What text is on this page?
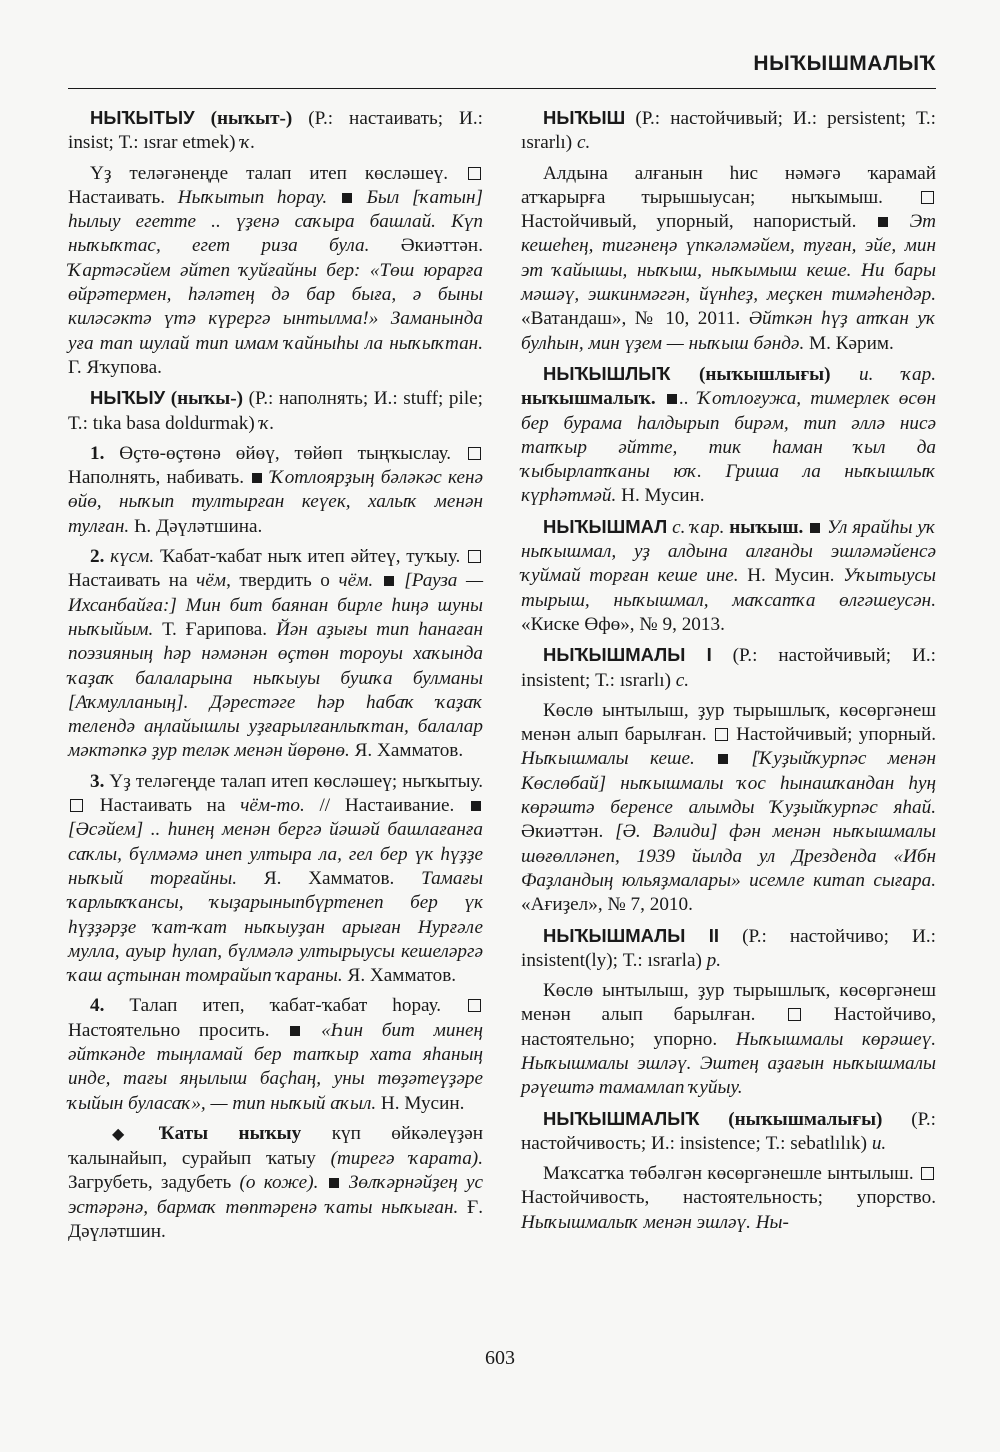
НЫҠЫШМАЛЫҠ

НЫҠЫТЫУ (ныҡыт-) (Р.: настаивать; И.: insist; Т.: ısrar etmek) ҡ.

Үҙ теләгәнеңде талап итеп көсләшеү.  Настаивать. Ныҡытып һорау. Был [ҡатын] һылыу егетте .. үҙенә саҡыра башлай. Күп ныҡыҡтас, егет риза була. Әкиәттән. Ҡартәсәйем әйтеп ҡуйғайны бер: «Төш юрарға өйрәтермен, һәләтең дә бар быға, ә быны киләсәктә үтә күрергә ынтылма!» Заманында уға тап шулай тип имам ҡайныһы ла ныҡыҡтан. Г. Яҡупова.

НЫҠЫУ (ныҡы-) (Р.: наполнять; И.: stuff; pile; Т.: tıka basa doldurmak) ҡ.

1. Өҫтө-өҫтөнә өйөү, төйөп тыңҡыслау.  Наполнять, набивать. Ҡотлоярҙың бәләкәс кенә өйө, ныҡып тултырған кеүек, халыҡ менән тулған. Һ. Дәүләтшина.

2. күсм. Ҡабат-ҡабат ныҡ итеп әйтеү, туҡыу.  Настаивать на чём, твердить о чём. [Рауза — Ихсанбайға:] Мин бит баянан бирле һиңә шуны ныҡыйым. Т. Ғарипова. Йән аҙығы тип һанаған поэзияның һәр нәмәнән өҫтөн тороуы хаҡында ҡаҙаҡ балаларына ныҡыуы бушҡа булманы [Аҡмулланың]. Дәрестәге һәр һабаҡ ҡаҙаҡ телендә аңлайышлы уҙғарылғанлыҡтан, балалар мәктәпкә ҙур теләк менән йөрөнө. Я. Хамматов.

3. Үҙ теләгеңде талап итеп көсләшеү; ныҡытыу.  Настаивать на чём-то. // Настаивание.  [Әсәйем] .. һинең менән бергә йәшәй башлағанға саҡлы, бүлмәмә инеп ултыра ла, гел бер үк һүҙҙе ныҡый торғайны. Я. Хамматов. Тамағы ҡарлыҡҡансы, ҡыҙарыныпбүртенеп бер үк һүҙҙәрҙе ҡат-ҡат ныҡыуҙан арыған Нурғәле мулла, ауыр һулап, бүлмәлә ултырыусы кешеләргә ҡаш аҫтынан томрайып ҡараны. Я. Хамматов.

4. Талап итеп, ҡабат-ҡабат һорау.  Настоятельно просить.	«Һин бит минең әйткәнде тыңламай бер тапҡыр хата яһаның инде, тағы яңылыш баҫһаң, уны төҙәтеүҙәре ҡыйын буласаҡ», — тип ныҡый аҡыл. Н. Мусин.

◆ Ҡаты ныҡыу күп өйкәлеүҙән ҡалынайып, сурайып ҡатыу (тирегә ҡарата). Загрубеть, задубеть (о коже). Зөлҡәрнәйҙең ус эстәрәнә, бармаҡ төптәренә ҡаты ныҡыған. Ғ. Дәүләтшин.

НЫҠЫШ (Р.: настойчивый; И.: persistent; Т.: ısrarlı) с.

Алдына алғанын һис нәмәгә ҡарамай атҡарырға тырышыусан; ныҡымыш.  Настойчивый, упорный, напористый.	Эт кешеһең, тигәнеңә үпкәләмәйем, туған, эйе, мин эт ҡайышы, ныҡыш, ныҡымыш кеше. Ни бары мәшәү, эшкинмәгән, йүнһеҙ, меҫкен тимәһендәр. «Ватандаш», № 10, 2011. Әйткән һүҙ атҡан уҡ булһын, мин үҙем — ныҡыш бәндә. М. Кәрим.

НЫҠЫШЛЫҠ (ныҡышлығы) и. ҡар. ныҡышмалыҡ. .. Ҡотлоғужа, тимерлек өсөн бер бурама һалдырып бирәм, тип әллә нисә тапҡыр әйтте, тик һаман ҡыл да ҡыбырлатҡаны юҡ. Гриша ла ныҡышлыҡ күрһәтмәй. Н. Мусин.

НЫҠЫШМАЛ с. ҡар. ныҡыш. Ул ярайһы уҡ ныҡышмал, уҙ алдына алғанды эшләмәйенсә ҡуймай торған кеше ине. Н. Мусин. Уҡытыусы тырыш, ныҡышмал, маҡсатҡа өлгәшеусән. «Киске Өфө», № 9, 2013.

НЫҠЫШМАЛЫ I (Р.: настойчивый; И.: insistent; Т.: ısrarlı) с.

Көслө ынтылыш, ҙур тырышлыҡ, көсөргәнеш менән алып барылған. Настойчивый; упорный. Ныҡышмалы кеше.	[Ҡуҙыйҡурпәс менән Көслөбай] ныҡышмалы ҡос һынашҡандан һуң көрәштә беренсе алымды Ҡуҙыйҡурпәс яһай. Әкиәттән. [Ә. Вәлиди] фән менән ныҡышмалы шөғөлләнеп, 1939 йылда ул Дрезденда «Ибн Фаҙландың юльяҙмалары» исемле китап сығара. «Ағиҙел», № 7, 2010.

НЫҠЫШМАЛЫ II (Р.: настойчиво; И.: insistent(ly); Т.: ısrarla) р.

Көслө ынтылыш, ҙур тырышлыҡ, көсөргәнеш менән алып барылған.	Настойчиво, настоятельно; упорно. Ныҡышмалы көрәшеү. Ныҡышмалы эшләү. Эштең аҙағын ныҡышмалы рәүештә тамамлап ҡуйыу.

НЫҠЫШМАЛЫҠ (ныҡышмалығы) (Р.: настойчивость; И.: insistence; Т.: sebatlılık) и.

Маҡсатҡа төбәлгән көсөргәнешле ынтылыш.  Настойчивость, настоятельность; упорство. Ныҡышмалыҡ менән эшләү. Ны-

603
